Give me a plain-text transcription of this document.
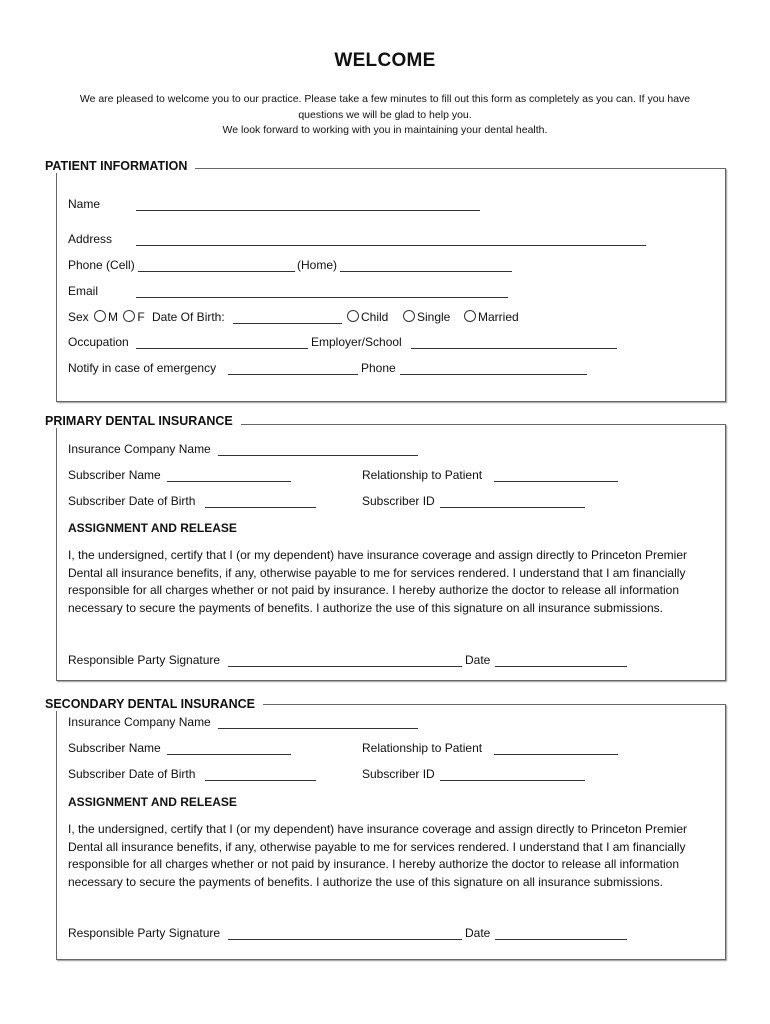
WELCOME
We are pleased to welcome you to our practice. Please take a few minutes to fill out this form as completely as you can. If you have
questions we will be glad to help you.
We look forward to working with you in maintaining your dental health.
PATIENT INFORMATION
Name
Address
Phone (Cell)	(Home)
Email
Sex M F Date Of Birth:	Child	Single	Married
Occupation	Employer/School
Notify in case of emergency	Phone
PRIMARY DENTAL INSURANCE
Insurance Company Name
Subscriber Name	Relationship to Patient
Subscriber Date of Birth	Subscriber ID
ASSIGNMENT AND RELEASE
I, the undersigned, certify that I (or my dependent) have insurance coverage and assign directly to Princeton Premier Dental all insurance benefits, if any, otherwise payable to me for services rendered. I understand that I am financially responsible for all charges whether or not paid by insurance. I hereby authorize the doctor to release all information necessary to secure the payments of benefits. I authorize the use of this signature on all insurance submissions.
Responsible Party Signature	Date
SECONDARY DENTAL INSURANCE
Insurance Company Name
Subscriber Name	Relationship to Patient
Subscriber Date of Birth	Subscriber ID
ASSIGNMENT AND RELEASE
I, the undersigned, certify that I (or my dependent) have insurance coverage and assign directly to Princeton Premier Dental all insurance benefits, if any, otherwise payable to me for services rendered. I understand that I am financially responsible for all charges whether or not paid by insurance. I hereby authorize the doctor to release all information necessary to secure the payments of benefits. I authorize the use of this signature on all insurance submissions.
Responsible Party Signature	Date
